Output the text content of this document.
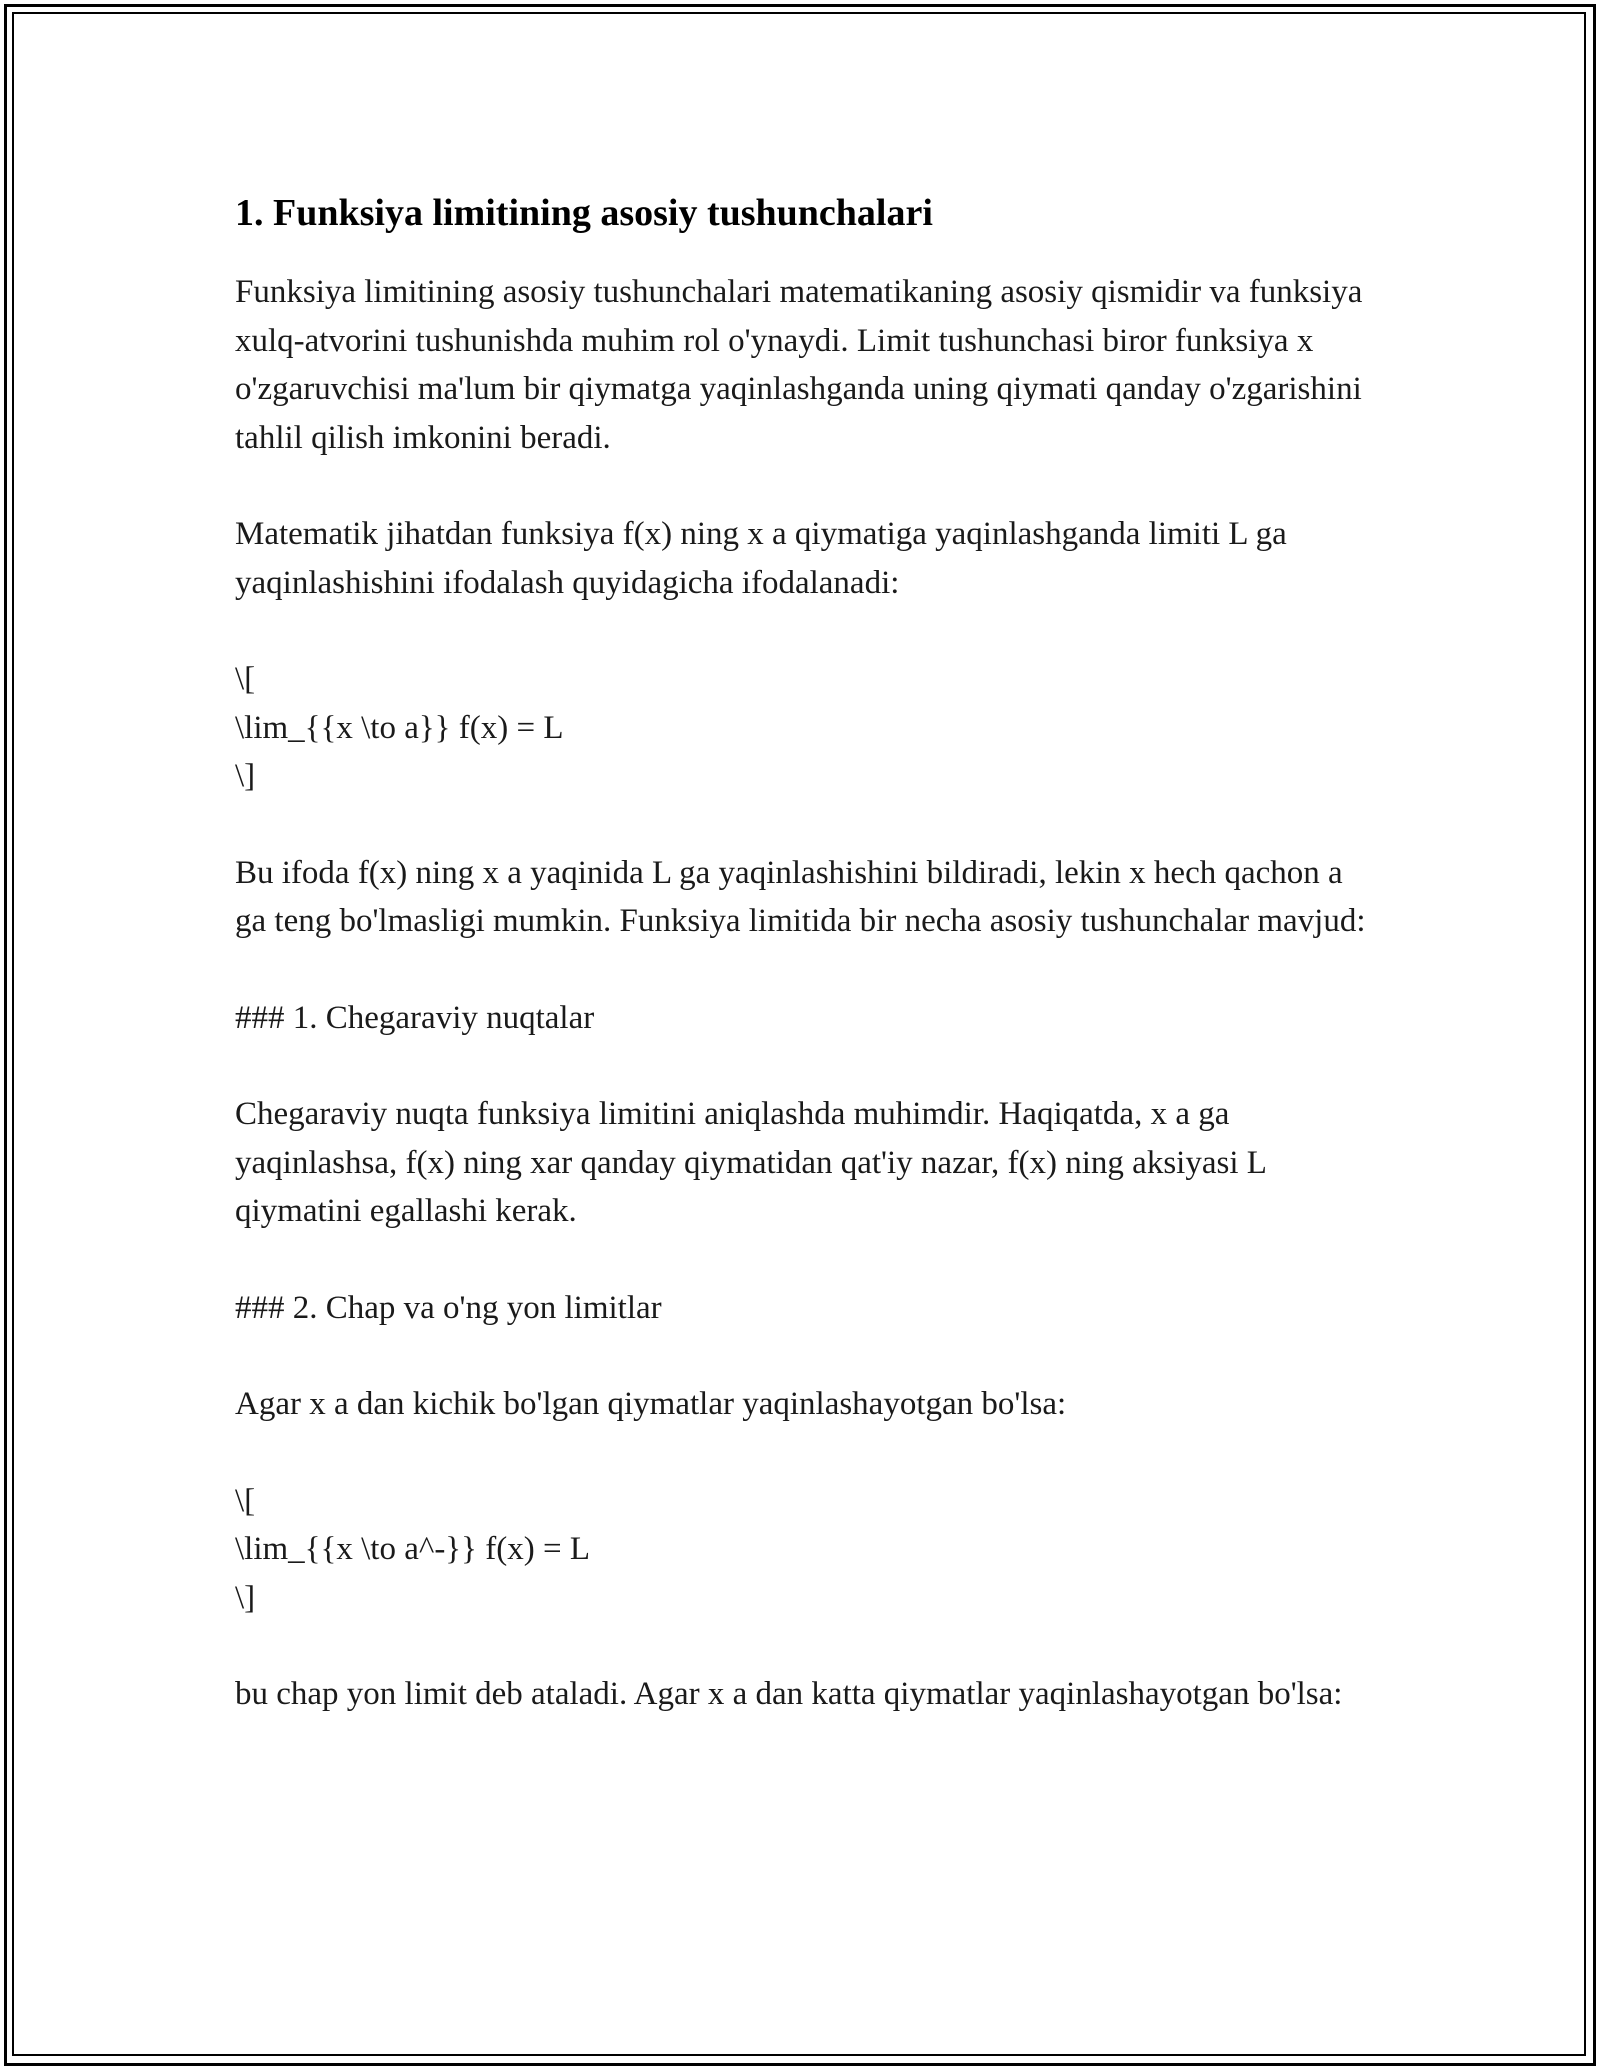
1. Funksiya limitining asosiy tushunchalari

Funksiya limitining asosiy tushunchalari matematikaning asosiy qismidir va funksiya xulq-atvorini tushunishda muhim rol o'ynaydi. Limit tushunchasi biror funksiya x o'zgaruvchisi ma'lum bir qiymatga yaqinlashganda uning qiymati qanday o'zgarishini tahlil qilish imkonini beradi.

Matematik jihatdan funksiya f(x) ning x a qiymatiga yaqinlashganda limiti L ga yaqinlashishini ifodalash quyidagicha ifodalanadi:

\[
\lim_{{x \to a}} f(x) = L
\]

Bu ifoda f(x) ning x a yaqinida L ga yaqinlashishini bildiradi, lekin x hech qachon a ga teng bo'lmasligi mumkin. Funksiya limitida bir necha asosiy tushunchalar mavjud:

### 1. Chegaraviy nuqtalar

Chegaraviy nuqta funksiya limitini aniqlashda muhimdir. Haqiqatda, x a ga yaqinlashsa, f(x) ning xar qanday qiymatidan qat'iy nazar, f(x) ning aksiyasi L qiymatini egallashi kerak.

### 2. Chap va o'ng yon limitlar

Agar x a dan kichik bo'lgan qiymatlar yaqinlashayotgan bo'lsa:

\[
\lim_{{x \to a^-}} f(x) = L
\]

bu chap yon limit deb ataladi. Agar x a dan katta qiymatlar yaqinlashayotgan bo'lsa:
